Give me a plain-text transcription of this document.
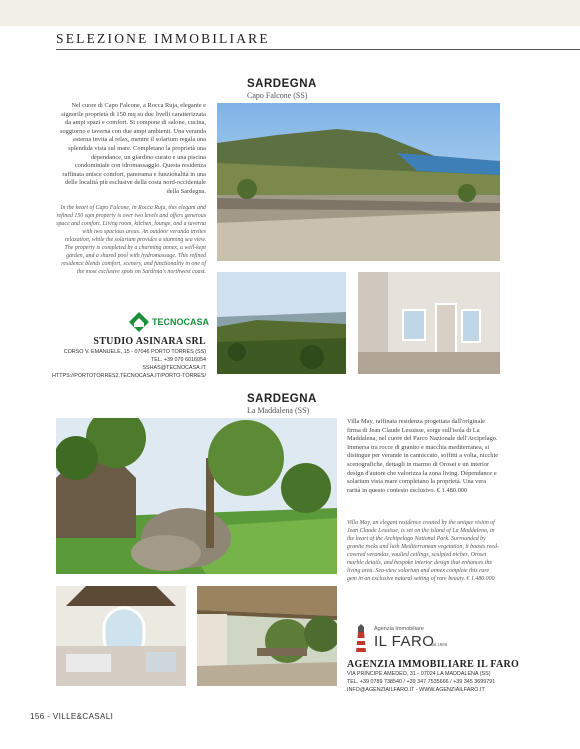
SELEZIONE IMMOBILIARE
SARDEGNA
Capo Falcone (SS)
Nel cuore di Capo Falcone, a Rocca Ruja, elegante e signorile proprietà di 150 mq su due livelli caratterizzata da ampi spazi e comfort. Si compone di salone, cucina, soggiorno e taverna con due ampi ambienti. Una veranda esterna invita al relax, mentre il solarium regala una splendida vista sul mare. Completano la proprietà una dépendance, un giardino curato e una piscina condominiale con idromassaggio. Questa residenza raffinata unisce comfort, panorama e funzionalità in una delle località più esclusive della costa nord-occidentale della Sardegna.
In the heart of Capo Falcone, in Rocca Ruja, this elegant and refined 150 sqm property is over two levels and offers generous space and comfort. Living room, kitchen, lounge, and a taverna with two spacious areas. An outdoor veranda invites relaxation, while the solarium provides a stunning sea view. The property is completed by a charming annex, a well-kept garden, and a shared pool with hydromassage. This refined residence blends comfort, scenery, and functionality in one of the most exclusive spots on Sardinia's northwest coast.
TECNOCASA
STUDIO ASINARA SRL
CORSO V. EMANUELE, 15 - 07046 PORTO TORRES (SS)
TEL. +39 079 6016054
SSHAS@TECNOCASA.IT
HTTPS://PORTOTORRES2.TECNOCASA.IT/PORTO-TORRES/
SARDEGNA
La Maddalena (SS)
Villa May, raffinata residenza progettata dall'originale firma di Jean Claude Lesuisse, sorge sull'isola di La Maddalena, nel cuore del Parco Nazionale dell'Arcipelago. Immersa tra rocce di granito e macchia mediterranea, si distingue per verande in canniccato, soffitti a volta, nicchie scenografiche, dettagli in marmo di Orosei e un interior design d'autore che valorizza la zona living. Dépendance e solarium vista mare completano la proprietà. Una vera rarità in questo contesto esclusivo. € 1.480.000
Villa May, an elegant residence created by the unique vision of Jean Claude Lesuisse, is set on the island of La Maddalena, in the heart of the Archipelago National Park. Surrounded by granite rocks and lush Mediterranean vegetation, it boasts reed-covered verandas, vaulted ceilings, sculpted niches, Orosei marble details, and bespoke interior design that enhances the living area. Sea-view solarium and annex complete this rare gem in an exclusive natural setting of rare beauty. € 1.480.000
Agenzia Immobiliare
IL FARO
dal 1986
AGENZIA IMMOBILIARE IL FARO
VIA PRINCIPE AMEDEO, 31 - 07024 LA MADDALENA (SS)
TEL. +39 0789 738540 / +39 347 7535666 / +39 345 3699791
INFO@AGENZIAILFARO.IT - WWW.AGENZIAILFARO.IT
156 - VILLE&CASALI
